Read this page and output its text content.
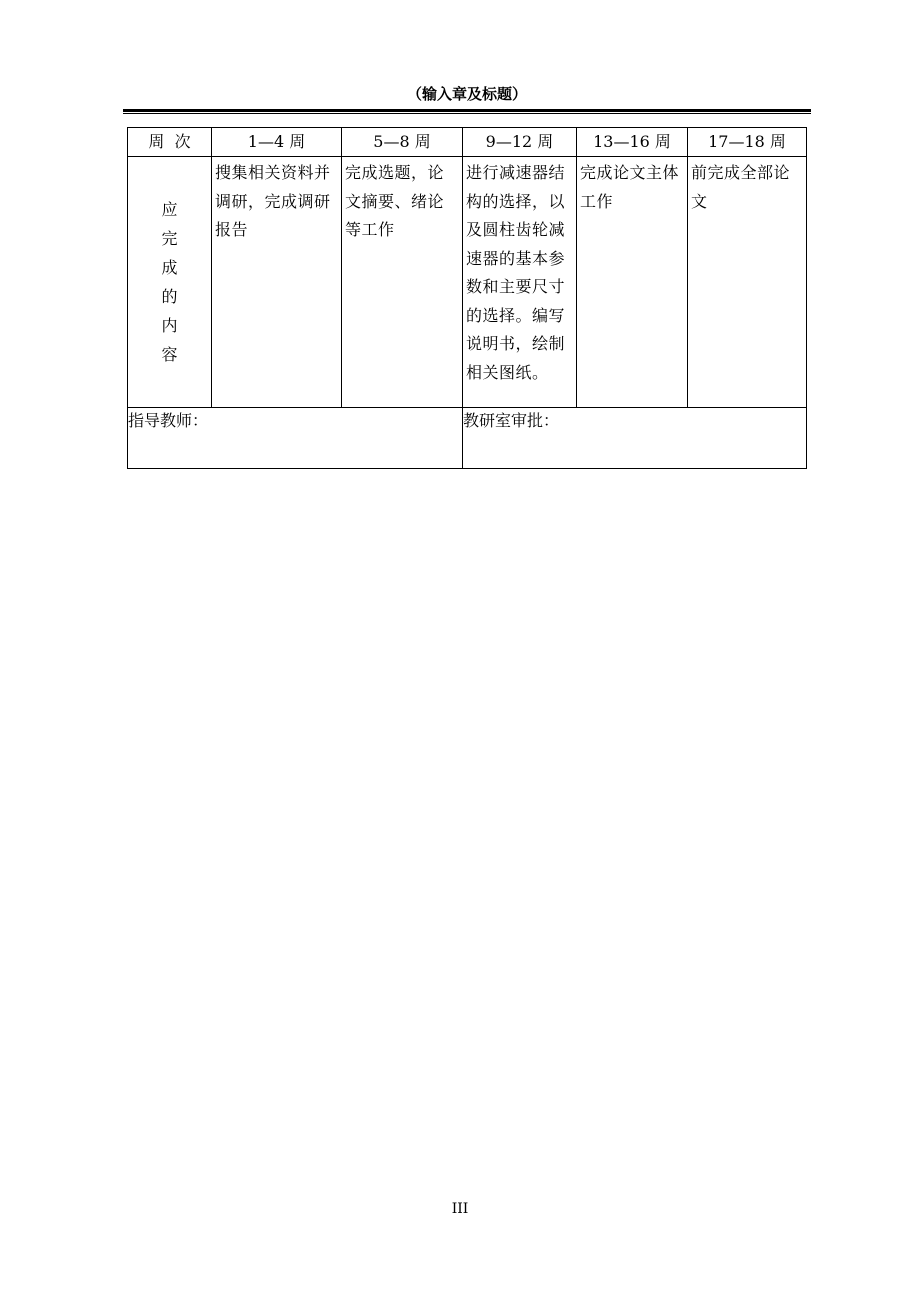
（输入章及标题）
周  次	1—4 周	5—8 周	9—12 周	13—16 周	17—18 周
应完成的内容	搜集相关资料并调研，完成调研报告	完成选题，论文摘要、绪论等工作	进行减速器结构的选择，以及圆柱齿轮减速器的基本参数和主要尺寸的选择。编写说明书，绘制相关图纸。	完成论文主体工作	前完成全部论文
指导教师：			教研室审批：		
III
